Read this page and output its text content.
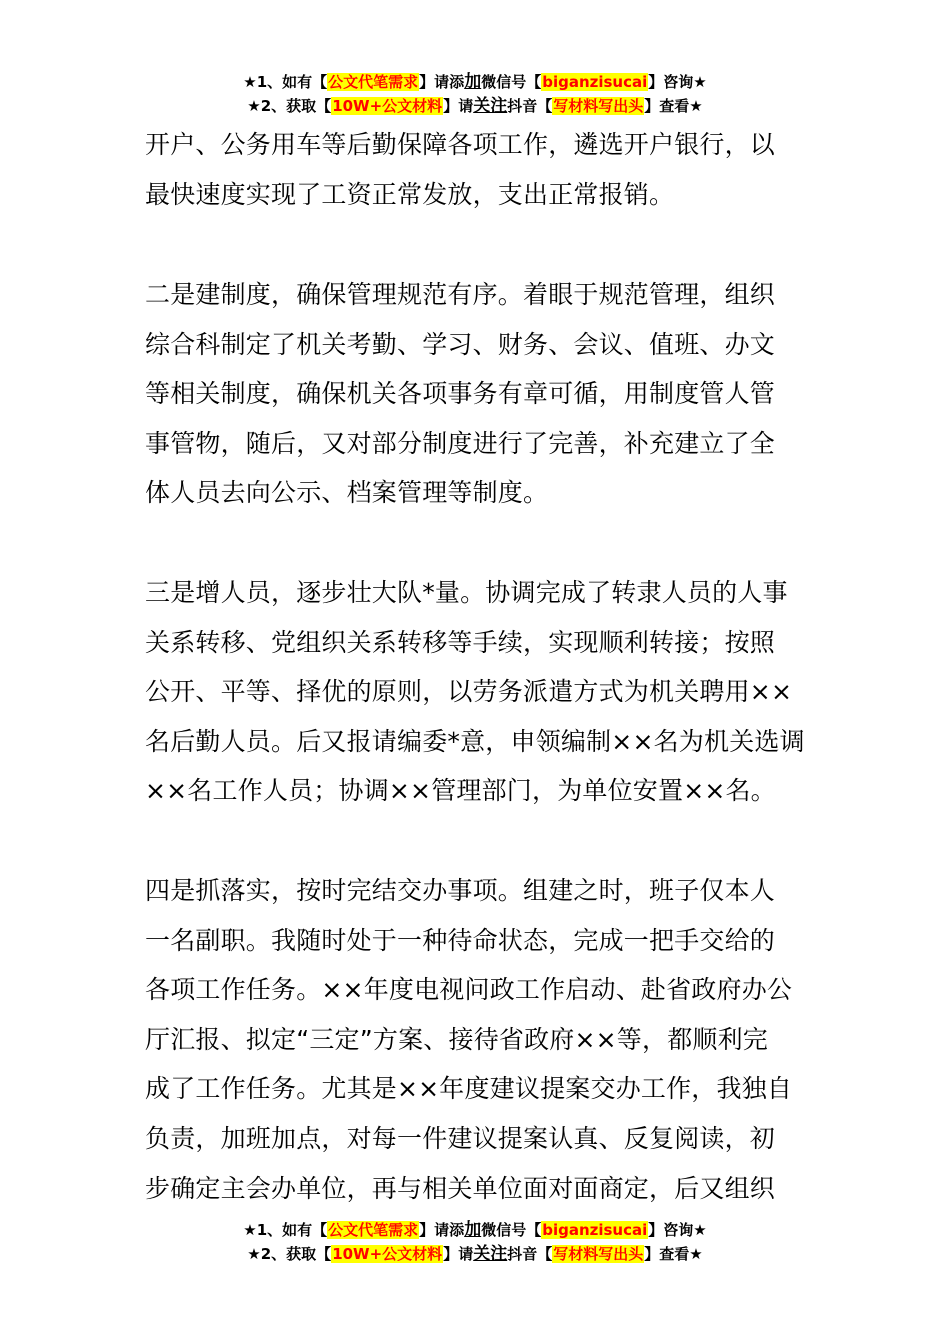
★1、如有【公文代笔需求】请添加微信号【biganzisucai】咨询★
★2、获取【10W+公文材料】请关注抖音【写材料写出头】查看★
开户、公务用车等后勤保障各项工作，遴选开户银行，以
最快速度实现了工资正常发放，支出正常报销。
二是建制度，确保管理规范有序。着眼于规范管理，组织
综合科制定了机关考勤、学习、财务、会议、值班、办文
等相关制度，确保机关各项事务有章可循，用制度管人管
事管物，随后，又对部分制度进行了完善，补充建立了全
体人员去向公示、档案管理等制度。
三是增人员，逐步壮大队*量。协调完成了转隶人员的人事
关系转移、党组织关系转移等手续，实现顺利转接；按照
公开、平等、择优的原则，以劳务派遣方式为机关聘用××
名后勤人员。后又报请编委*意，申领编制××名为机关选调
××名工作人员；协调××管理部门，为单位安置××名。
四是抓落实，按时完结交办事项。组建之时，班子仅本人
一名副职。我随时处于一种待命状态，完成一把手交给的
各项工作任务。××年度电视问政工作启动、赴省政府办公
厅汇报、拟定“三定”方案、接待省政府××等，都顺利完
成了工作任务。尤其是××年度建议提案交办工作，我独自
负责，加班加点，对每一件建议提案认真、反复阅读，初
步确定主会办单位，再与相关单位面对面商定，后又组织
★1、如有【公文代笔需求】请添加微信号【biganzisucai】咨询★
★2、获取【10W+公文材料】请关注抖音【写材料写出头】查看★
